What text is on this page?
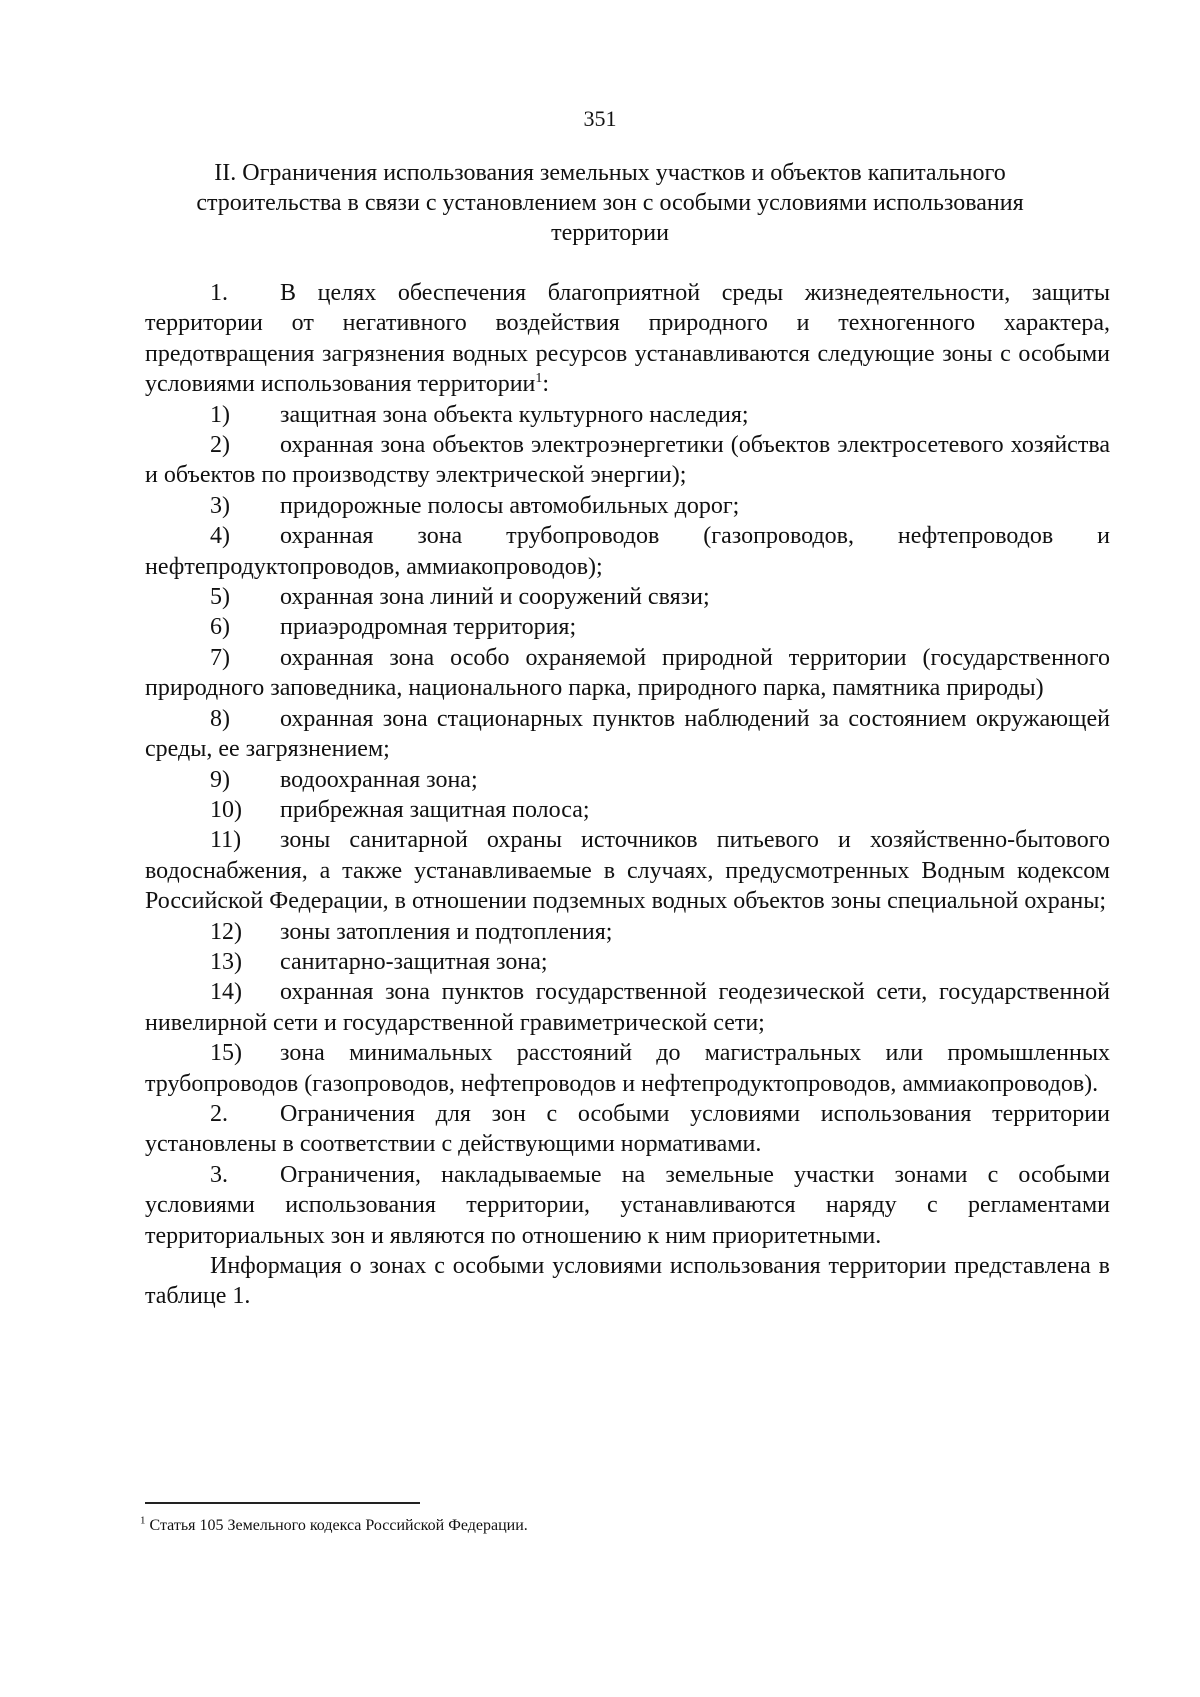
351
II. Ограничения использования земельных участков и объектов капитального строительства в связи с установлением зон с особыми условиями использования территории

1. В целях обеспечения благоприятной среды жизнедеятельности, защиты территории от негативного воздействия природного и техногенного характера, предотвращения загрязнения водных ресурсов устанавливаются следующие зоны с особыми условиями использования территории$^1$:

1) защитная зона объекта культурного наследия;

2) охранная зона объектов электроэнергетики (объектов электросетевого хозяйства и объектов по производству электрической энергии);

3) придорожные полосы автомобильных дорог;

4) охранная зона трубопроводов (газопроводов, нефтепроводов и нефтепродуктопроводов, аммиакопроводов);

5) охранная зона линий и сооружений связи;

6) приаэродромная территория;

7) охранная зона особо охраняемой природной территории (государственного природного заповедника, национального парка, природного парка, памятника природы)

8) охранная зона стационарных пунктов наблюдений за состоянием окружающей среды, ее загрязнением;

9) водоохранная зона;

10) прибрежная защитная полоса;

11) зоны санитарной охраны источников питьевого и хозяйственно-бытового водоснабжения, а также устанавливаемые в случаях, предусмотренных Водным кодексом Российской Федерации, в отношении подземных водных объектов зоны специальной охраны;

12) зоны затопления и подтопления;

13) санитарно-защитная зона;

14) охранная зона пунктов государственной геодезической сети, государственной нивелирной сети и государственной гравиметрической сети;

15) зона минимальных расстояний до магистральных или промышленных трубопроводов (газопроводов, нефтепроводов и нефтепродуктопроводов, аммиакопроводов).

2. Ограничения для зон с особыми условиями использования территории установлены в соответствии с действующими нормативами.

3. Ограничения, накладываемые на земельные участки зонами с особыми условиями использования территории, устанавливаются наряду с регламентами территориальных зон и являются по отношению к ним приоритетными.

Информация о зонах с особыми условиями использования территории представлена в таблице 1.

$^1$ Статья 105 Земельного кодекса Российской Федерации.
